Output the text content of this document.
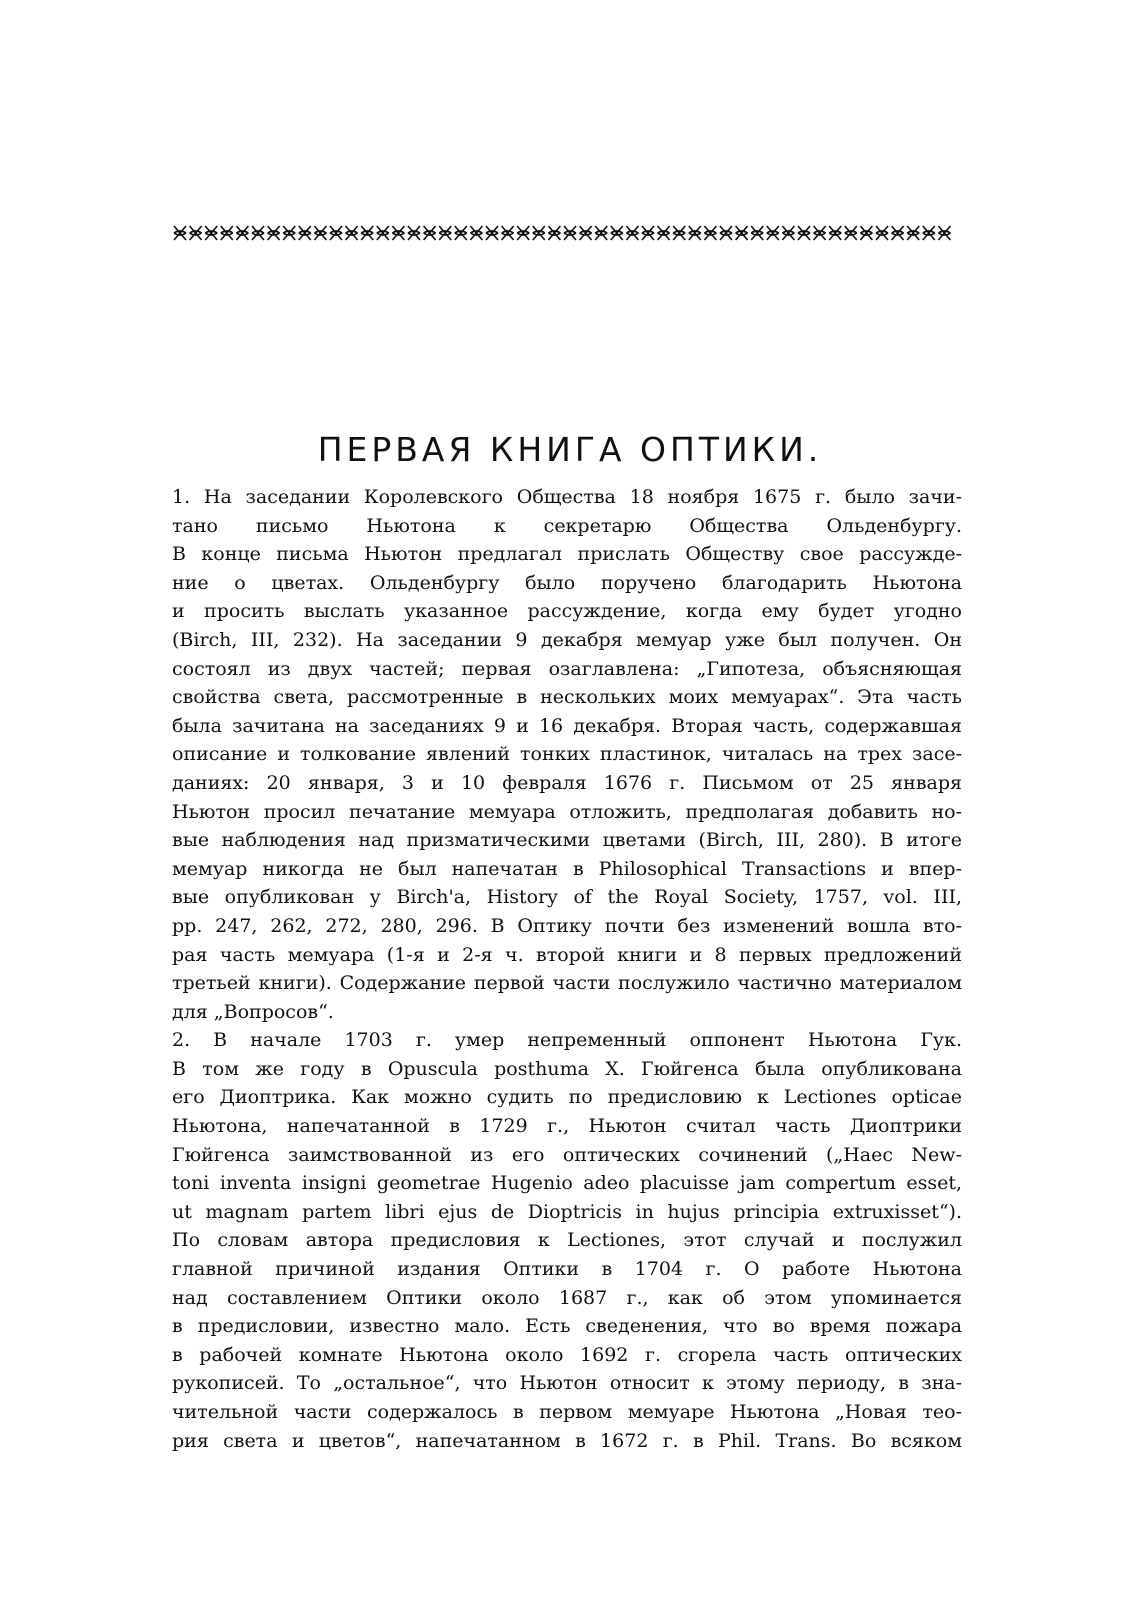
ПЕРВАЯ КНИГА ОПТИКИ.
1. На заседании Королевского Общества 18 ноября 1675 г. было зачи-
тано письмо Ньютона к секретарю Общества Ольденбургу.
В конце письма Ньютон предлагал прислать Обществу свое рассужде-
ние о цветах. Ольденбургу было поручено благодарить Ньютона
и просить выслать указанное рассуждение, когда ему будет угодно
(Birch, III, 232). На заседании 9 декабря мемуар уже был получен. Он
состоял из двух частей; первая озаглавлена: „Гипотеза, объясняющая
свойства света, рассмотренные в нескольких моих мемуарах“. Эта часть
была зачитана на заседаниях 9 и 16 декабря. Вторая часть, содержавшая
описание и толкование явлений тонких пластинок, читалась на трех засе-
даниях: 20 января, 3 и 10 февраля 1676 г. Письмом от 25 января
Ньютон просил печатание мемуара отложить, предполагая добавить но-
вые наблюдения над призматическими цветами (Birch, III, 280). В итоге
мемуар никогда не был напечатан в Philosophical Transactions и впер-
вые опубликован у Birch'а, History of the Royal Society, 1757, vol. III,
pp. 247, 262, 272, 280, 296. В Оптику почти без изменений вошла вто-
рая часть мемуара (1-я и 2-я ч. второй книги и 8 первых предложений
третьей книги). Содержание первой части послужило частично материалом
для „Вопросов“.
2. В начале 1703 г. умер непременный оппонент Ньютона Гук.
В том же году в Opuscula posthuma X. Гюйгенса была опубликована
его Диоптрика. Как можно судить по предисловию к Lectiones opticae
Ньютона, напечатанной в 1729 г., Ньютон считал часть Диоптрики
Гюйгенса заимствованной из его оптических сочинений („Haec New-
toni inventa insigni geometrae Hugenio adeo placuisse jam compertum esset,
ut magnam partem libri ejus de Dioptricis in hujus principia extruxisset“).
По словам автора предисловия к Lectiones, этот случай и послужил
главной причиной издания Оптики в 1704 г. О работе Ньютона
над составлением Оптики около 1687 г., как об этом упоминается
в предисловии, известно мало. Есть сведенения, что во время пожара
в рабочей комнате Ньютона около 1692 г. сгорела часть оптических
рукописей. То „остальное“, что Ньютон относит к этому периоду, в зна-
чительной части содержалось в первом мемуаре Ньютона „Новая тео-
рия света и цветов“, напечатанном в 1672 г. в Phil. Trans. Во всяком
